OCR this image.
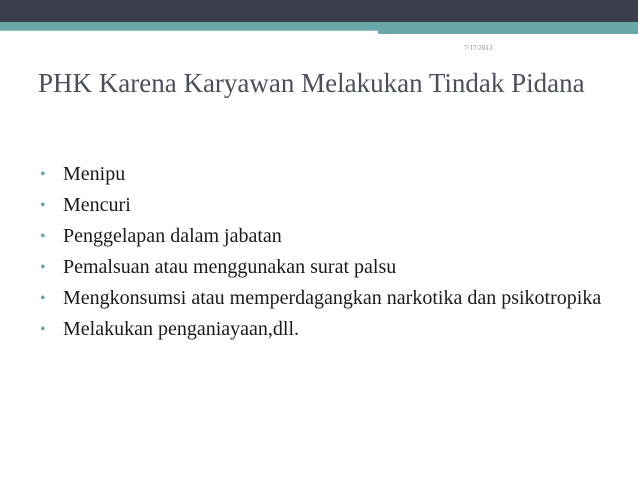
7/17/2013
PHK Karena Karyawan Melakukan Tindak Pidana
• Menipu
• Mencuri
• Penggelapan dalam jabatan
• Pemalsuan atau menggunakan surat palsu
• Mengkonsumsi atau memperdagangkan narkotika dan psikotropika
• Melakukan penganiayaan,dll.
